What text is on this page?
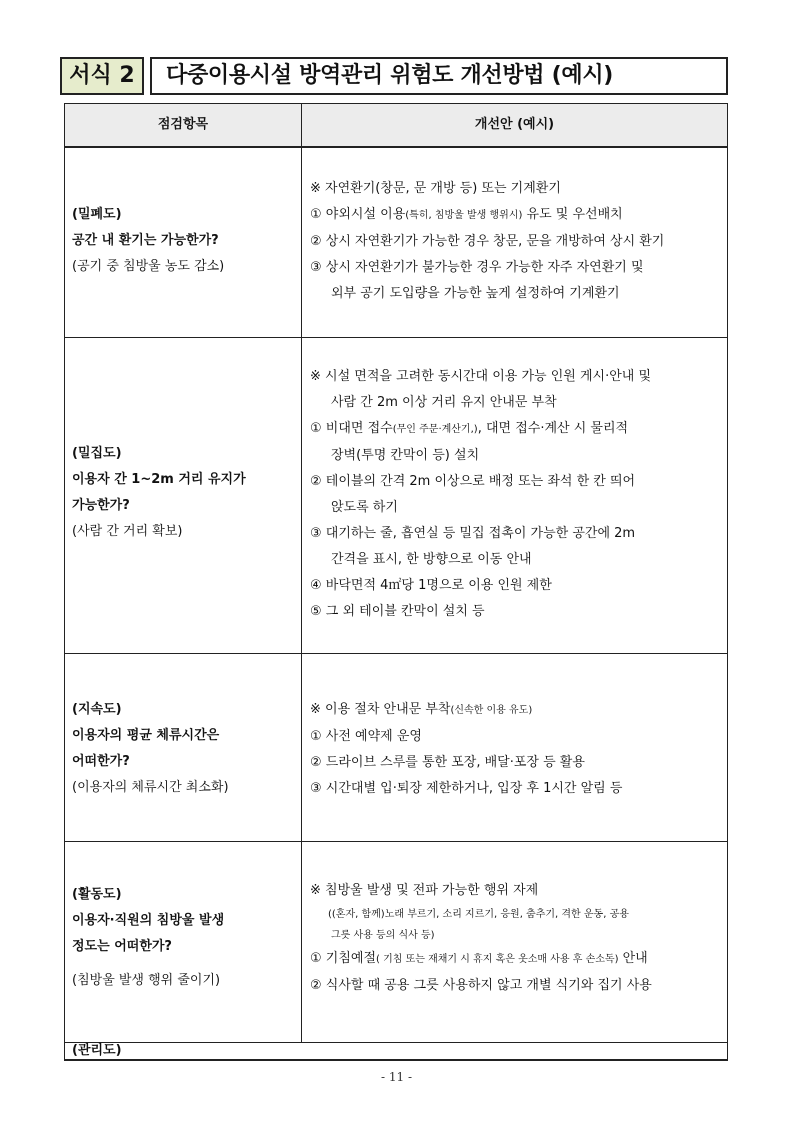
서식 2	다중이용시설 방역관리 위험도 개선방법 (예시)
점검항목	개선안 (예시)
(밀폐도)
공간 내 환기는 가능한가?
(공기 중 침방울 농도 감소)
※ 자연환기(창문, 문 개방 등) 또는 기계환기
① 야외시설 이용(특히, 침방울 발생 행위시) 유도 및 우선배치
② 상시 자연환기가 가능한 경우 창문, 문을 개방하여 상시 환기
③ 상시 자연환기가 불가능한 경우 가능한 자주 자연환기 및
외부 공기 도입량을 가능한 높게 설정하여 기계환기
(밀집도)
이용자 간 1~2m 거리 유지가
가능한가?
(사람 간 거리 확보)
※ 시설 면적을 고려한 동시간대 이용 가능 인원 게시·안내 및
사람 간 2m 이상 거리 유지 안내문 부착
① 비대면 접수(무인 주문·계산기,), 대면 접수·계산 시 물리적
장벽(투명 칸막이 등) 설치
② 테이블의 간격 2m 이상으로 배정 또는 좌석 한 칸 띄어
앉도록 하기
③ 대기하는 줄, 흡연실 등 밀집 접촉이 가능한 공간에 2m
간격을 표시, 한 방향으로 이동 안내
④ 바닥면적 4㎡당 1명으로 이용 인원 제한
⑤ 그 외 테이블 칸막이 설치 등
(지속도)
이용자의 평균 체류시간은
어떠한가?
(이용자의 체류시간 최소화)
※ 이용 절차 안내문 부착(신속한 이용 유도)
① 사전 예약제 운영
② 드라이브 스루를 통한 포장, 배달·포장 등 활용
③ 시간대별 입·퇴장 제한하거나, 입장 후 1시간 알림 등
(활동도)
이용자·직원의 침방울 발생
정도는 어떠한가?
(침방울 발생 행위 줄이기)
※ 침방울 발생 및 전파 가능한 행위 자제
((혼자, 함께)노래 부르기, 소리 지르기, 응원, 춤추기, 격한 운동, 공용
그릇 사용 등의 식사 등)
① 기침예절( 기침 또는 재채기 시 휴지 혹은 옷소매 사용 후 손소독) 안내
② 식사할 때 공용 그릇 사용하지 않고 개별 식기와 집기 사용
(관리도)
- 11 -
